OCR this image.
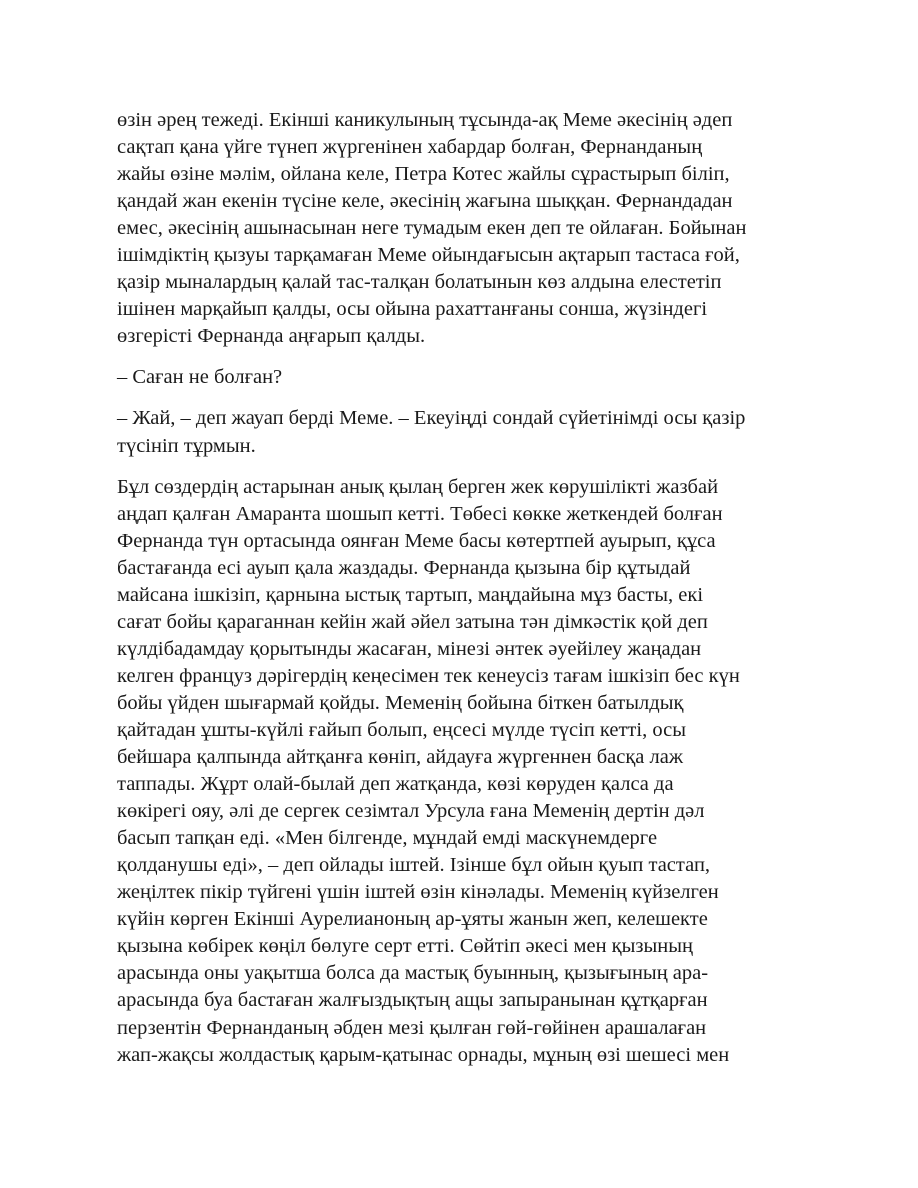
өзін әрең тежеді. Екінші каникулының тұсында-ақ Меме әкесінің әдеп
сақтап қана үйге түнеп жүргенінен хабардар болған, Фернанданың
жайы өзіне мәлім, ойлана келе, Петра Котес жайлы сұрастырып біліп,
қандай жан екенін түсіне келе, әкесінің жағына шыққан. Фернандадан
емес, әкесінің ашынасынан неге тумадым екен деп те ойлаған. Бойынан
ішімдіктің қызуы тарқамаған Меме ойындағысын ақтарып тастаса ғой,
қазір мыналардың қалай тас-талқан болатынын көз алдына елестетіп
ішінен марқайып қалды, осы ойына рахаттанғаны сонша, жүзіндегі
өзгерісті Фернанда аңғарып қалды.
– Саған не болған?
– Жай, – деп жауап берді Меме. – Екеуіңді сондай сүйетінімді осы қазір
түсініп тұрмын.
Бұл сөздердің астарынан анық қылаң берген жек көрушілікті жазбай
аңдап қалған Амаранта шошып кетті. Төбесі көкке жеткендей болған
Фернанда түн ортасында оянған Меме басы көтертпей ауырып, құса
бастағанда есі ауып қала жаздады. Фернанда қызына бір құтыдай
майсана ішкізіп, қарнына ыстық тартып, маңдайына мұз басты, екі
сағат бойы қараганнан кейін жай әйел затына тән дімкәстік қой деп
күлдібадамдау қорытынды жасаған, мінезі әнтек әуейілеу жаңадан
келген француз дәрігердің кеңесімен тек кенеусіз тағам ішкізіп бес күн
бойы үйден шығармай қойды. Меменің бойына біткен батылдық
қайтадан ұшты-күйлі ғайып болып, еңсесі мүлде түсіп кетті, осы
бейшара қалпында айтқанға көніп, айдауға жүргеннен басқа лаж
таппады. Жұрт олай-былай деп жатқанда, көзі көруден қалса да
көкірегі ояу, әлі де сергек сезімтал Урсула ғана Меменің дертін дәл
басып тапқан еді. «Мен білгенде, мұндай емді маскүнемдерге
қолданушы еді», – деп ойлады іштей. Ізінше бұл ойын қуып тастап,
жеңілтек пікір түйгені үшін іштей өзін кінәлады. Меменің күйзелген
күйін көрген Екінші Аурелианоның ар-ұяты жанын жеп, келешекте
қызына көбірек көңіл бөлуге серт етті. Сөйтіп әкесі мен қызының
арасында оны уақытша болса да мастық буынның, қызығының ара-
арасында буа бастаған жалғыздықтың ащы запыранынан құтқарған
перзентін Фернанданың әбден мезі қылған гөй-гөйінен арашалаған
жап-жақсы жолдастық қарым-қатынас орнады, мұның өзі шешесі мен
